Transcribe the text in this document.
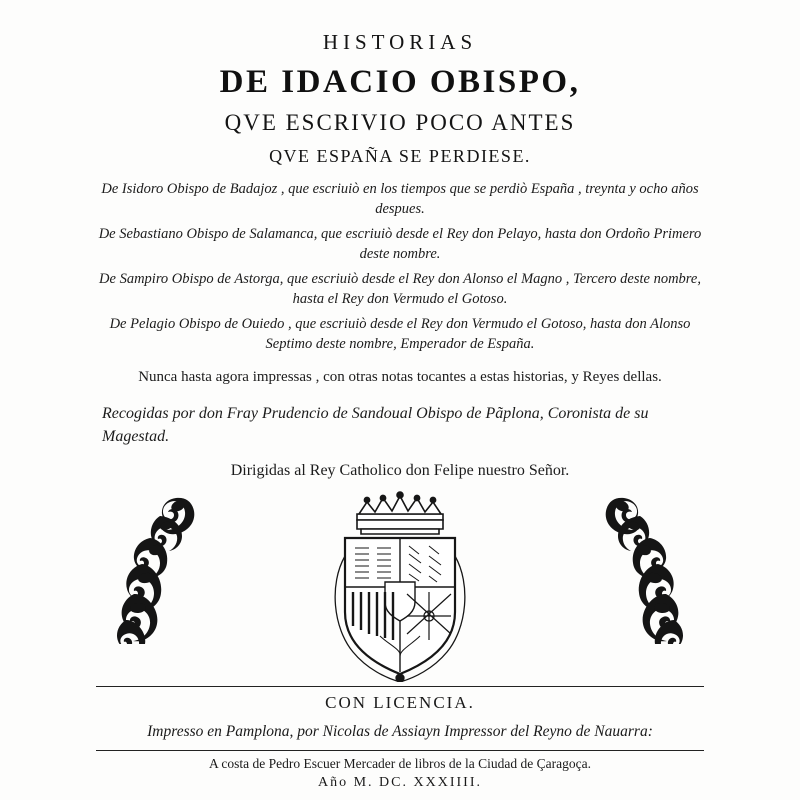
HISTORIAS
DE IDACIO OBISPO,
QVE ESCRIVIO POCO ANTES
QVE ESPAÑA SE PERDIESE.
De Isidoro Obispo de Badajoz , que escriuiò en los tiempos que se perdiò España , treynta y ocho años despues.
De Sebastiano Obispo de Salamanca, que escriuiò desde el Rey don Pelayo, hasta don Ordoño Primero deste nombre.
De Sampiro Obispo de Astorga, que escriuiò desde el Rey don Alonso el Magno , Tercero deste nombre, hasta el Rey don Vermudo el Gotoso.
De Pelagio Obispo de Ouiedo , que escriuiò desde el Rey don Vermudo el Gotoso, hasta don Alonso Septimo deste nombre, Emperador de España.
Nunca hasta agora impressas , con otras notas tocantes a estas historias, y Reyes dellas.
Recogidas por don Fray Prudencio de Sandoual Obispo de Pãplona, Coronista de su Magestad.
Dirigidas al Rey Catholico don Felipe nuestro Señor.
CON LICENCIA.
Impresso en Pamplona, por Nicolas de Assiayn Impressor del Reyno de Nauarra:
A costa de Pedro Escuer Mercader de libros de la Ciudad de Çaragoça.
Año M. DC. XXXIIII.
